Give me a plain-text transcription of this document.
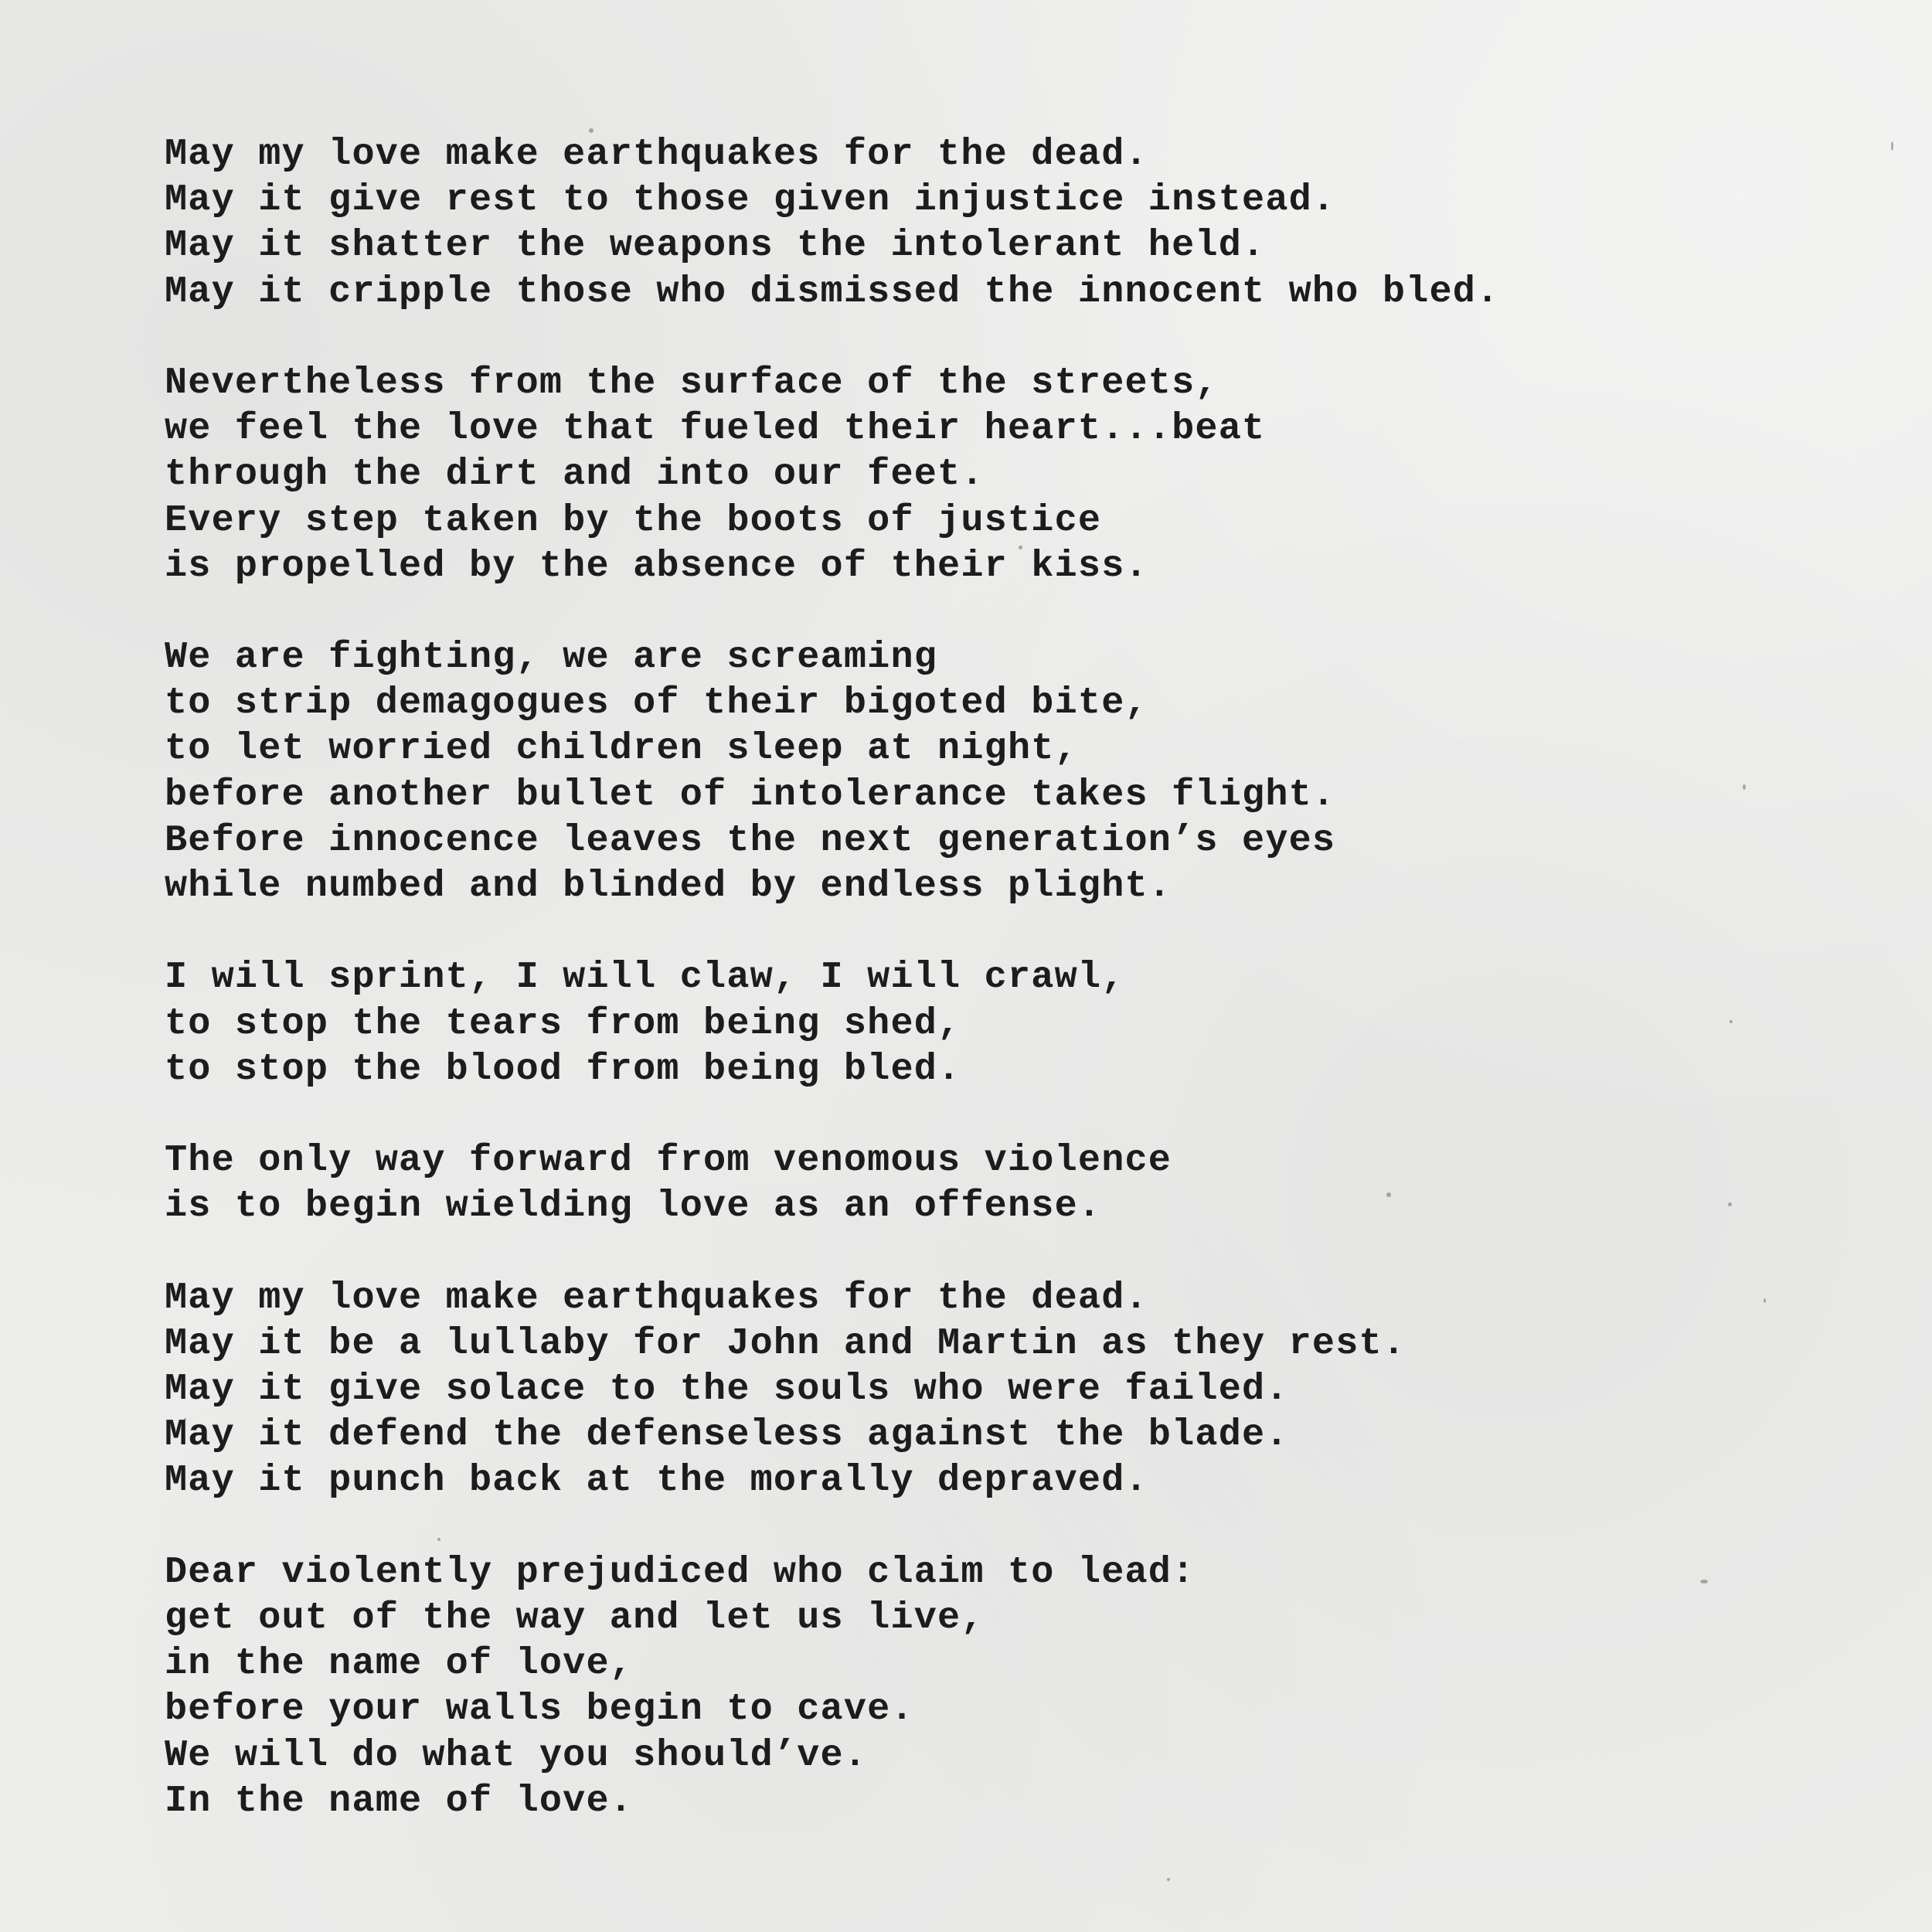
May my love make earthquakes for the dead.
May it give rest to those given injustice instead.
May it shatter the weapons the intolerant held.
May it cripple those who dismissed the innocent who bled.
Nevertheless from the surface of the streets,
we feel the love that fueled their heart...beat
through the dirt and into our feet.
Every step taken by the boots of justice
is propelled by the absence of their kiss.
We are fighting, we are screaming
to strip demagogues of their bigoted bite,
to let worried children sleep at night,
before another bullet of intolerance takes flight.
Before innocence leaves the next generation’s eyes
while numbed and blinded by endless plight.
I will sprint, I will claw, I will crawl,
to stop the tears from being shed,
to stop the blood from being bled.
The only way forward from venomous violence
is to begin wielding love as an offense.
May my love make earthquakes for the dead.
May it be a lullaby for John and Martin as they rest.
May it give solace to the souls who were failed.
May it defend the defenseless against the blade.
May it punch back at the morally depraved.
Dear violently prejudiced who claim to lead:
get out of the way and let us live,
in the name of love,
before your walls begin to cave.
We will do what you should’ve.
In the name of love.
